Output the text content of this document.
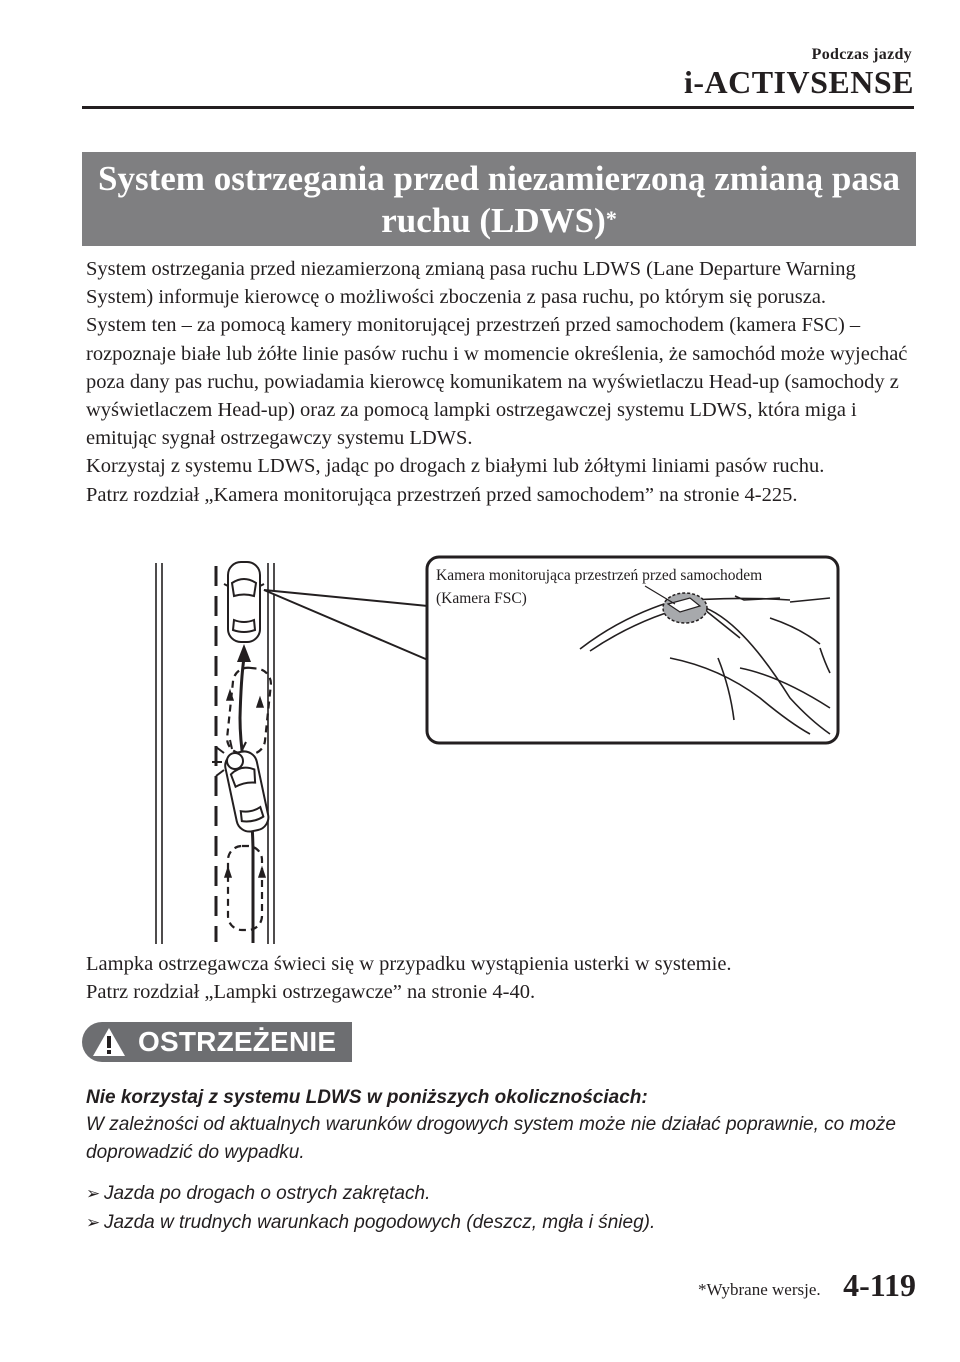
Podczas jazdy
i-ACTIVSENSE
System ostrzegania przed niezamierzoną zmianą pasa
ruchu (LDWS)*

System ostrzegania przed niezamierzoną zmianą pasa ruchu LDWS (Lane Departure Warning System) informuje kierowcę o możliwości zboczenia z pasa ruchu, po którym się porusza.

System ten – za pomocą kamery monitorującej przestrzeń przed samochodem (kamera FSC) – rozpoznaje białe lub żółte linie pasów ruchu i w momencie określenia, że samochód może wyjechać poza dany pas ruchu, powiadamia kierowcę komunikatem na wyświetlaczu Head-up (samochody z wyświetlaczem Head-up) oraz za pomocą lampki ostrzegawczej systemu LDWS, która miga i emitując sygnał ostrzegawczy systemu LDWS.

Korzystaj z systemu LDWS, jadąc po drogach z białymi lub żółtymi liniami pasów ruchu.

Patrz rozdział „Kamera monitorująca przestrzeń przed samochodem” na stronie 4-225.

Kamera monitorująca przestrzeń przed samochodem
(Kamera FSC)

Lampka ostrzegawcza świeci się w przypadku wystąpienia usterki w systemie.

Patrz rozdział „Lampki ostrzegawcze” na stronie 4-40.

OSTRZEŻENIE
Nie korzystaj z systemu LDWS w poniższych okolicznościach:
W zależności od aktualnych warunków drogowych system może nie działać poprawnie, co może doprowadzić do wypadku.
➢ Jazda po drogach o ostrych zakrętach.
➢ Jazda w trudnych warunkach pogodowych (deszcz, mgła i śnieg).
*Wybrane wersje. 4-119
